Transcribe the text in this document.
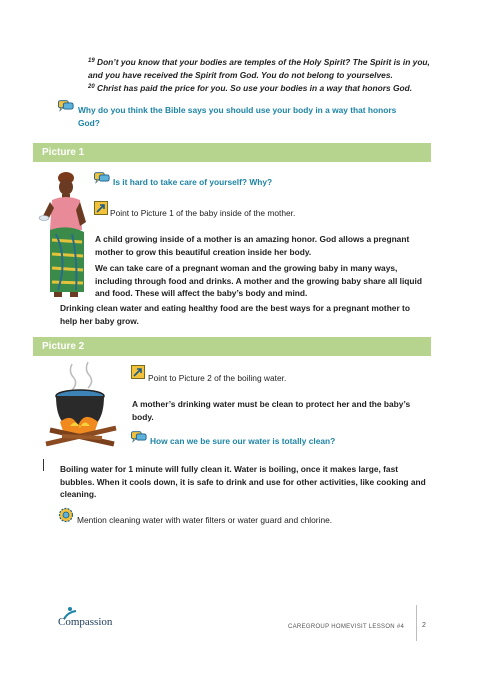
$^{19}$ Don’t you know that your bodies are temples of the Holy Spirit? The Spirit is in you, and you have received the Spirit from God. You do not belong to yourselves.
$^{20}$ Christ has paid the price for you. So use your bodies in a way that honors God.
Why do you think the Bible says you should use your body in a way that honors God?
Picture 1
Is it hard to take care of yourself? Why?
Point to Picture 1 of the baby inside of the mother.
A child growing inside of a mother is an amazing honor. God allows a pregnant mother to grow this beautiful creation inside her body.
We can take care of a pregnant woman and the growing baby in many ways, including through food and drinks. A mother and the growing baby share all liquid and food. These will affect the baby’s body and mind.
Drinking clean water and eating healthy food are the best ways for a pregnant mother to help her baby grow.
Picture 2
Point to Picture 2 of the boiling water.
A mother’s drinking water must be clean to protect her and the baby’s body.
How can we be sure our water is totally clean?
Boiling water for 1 minute will fully clean it. Water is boiling, once it makes large, fast bubbles. When it cools down, it is safe to drink and use for other activities, like cooking and cleaning.
Mention cleaning water with water filters or water guard and chlorine.
Compassion	CAREGROUP HOMEVISIT LESSON #4	2
